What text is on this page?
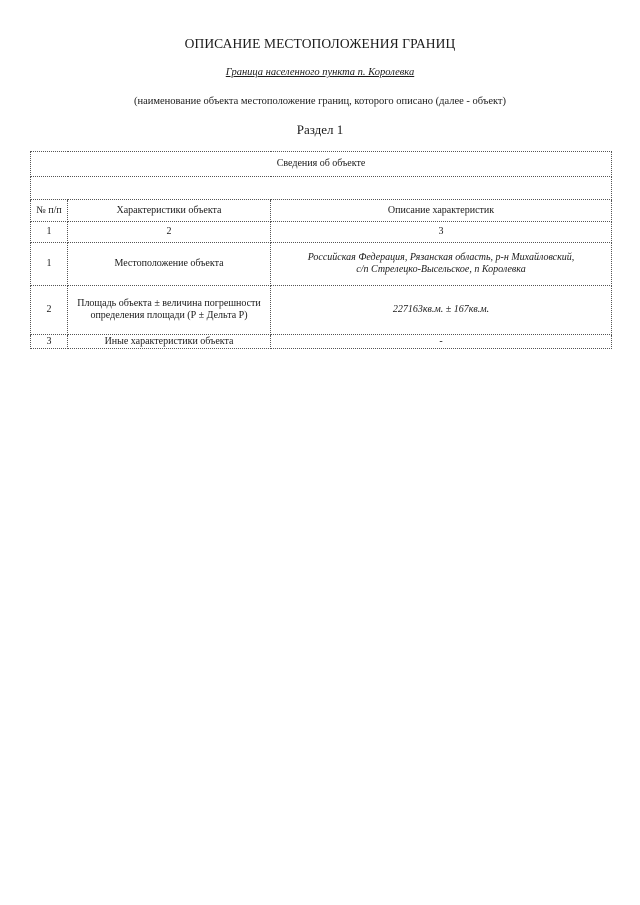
ОПИСАНИЕ МЕСТОПОЛОЖЕНИЯ ГРАНИЦ
Граница населенного пункта п. Королевка
(наименование объекта местоположение границ, которого описано (далее - объект)
Раздел 1
Сведения об объекте		

№ п/п	Характеристики объекта	Описание характеристик
1	2	3
1	Местоположение объекта	Российская Федерация, Рязанская область, р-н Михайловский,
с/п Стрелецко-Высельское, п Королевка
2	Площадь объекта ± величина погрешности определения площади (Р ± Дельта Р)	227163кв.м. ± 167кв.м.
3	Иные характеристики объекта	-
